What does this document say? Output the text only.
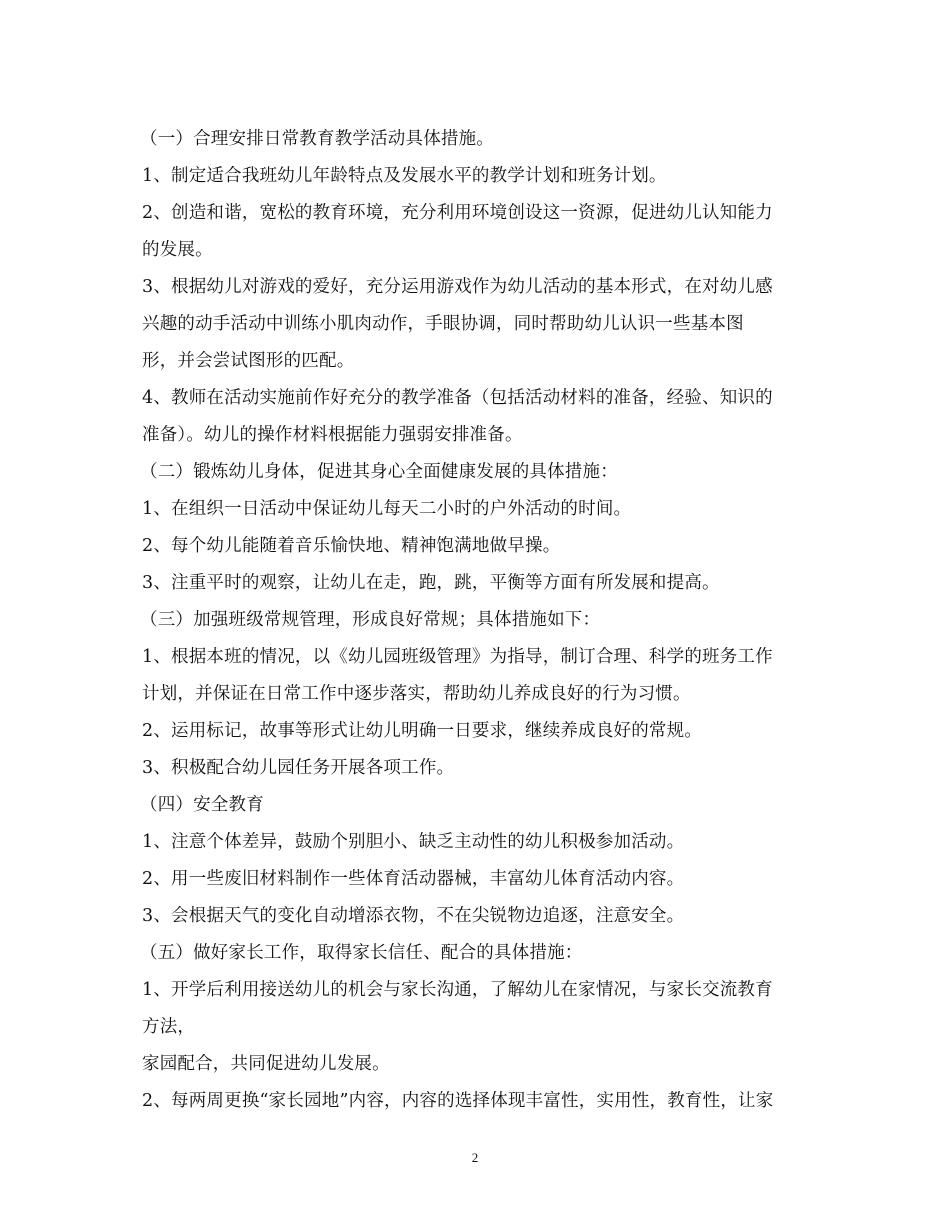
（一）合理安排日常教育教学活动具体措施。
1、制定适合我班幼儿年龄特点及发展水平的教学计划和班务计划。
2、创造和谐，宽松的教育环境，充分利用环境创设这一资源，促进幼儿认知能力
的发展。
3、根据幼儿对游戏的爱好，充分运用游戏作为幼儿活动的基本形式，在对幼儿感
兴趣的动手活动中训练小肌肉动作，手眼协调，同时帮助幼儿认识一些基本图
形，并会尝试图形的匹配。
4、教师在活动实施前作好充分的教学准备（包括活动材料的准备，经验、知识的
准备）。幼儿的操作材料根据能力强弱安排准备。
（二）锻炼幼儿身体，促进其身心全面健康发展的具体措施：
1、在组织一日活动中保证幼儿每天二小时的户外活动的时间。
2、每个幼儿能随着音乐愉快地、精神饱满地做早操。
3、注重平时的观察，让幼儿在走，跑，跳，平衡等方面有所发展和提高。
（三）加强班级常规管理，形成良好常规；具体措施如下：
1、根据本班的情况，以《幼儿园班级管理》为指导，制订合理、科学的班务工作
计划，并保证在日常工作中逐步落实，帮助幼儿养成良好的行为习惯。
2、运用标记，故事等形式让幼儿明确一日要求，继续养成良好的常规。
3、积极配合幼儿园任务开展各项工作。
（四）安全教育
1、注意个体差异，鼓励个别胆小、缺乏主动性的幼儿积极参加活动。
2、用一些废旧材料制作一些体育活动器械，丰富幼儿体育活动内容。
3、会根据天气的变化自动增添衣物，不在尖锐物边追逐，注意安全。
（五）做好家长工作，取得家长信任、配合的具体措施：
1、开学后利用接送幼儿的机会与家长沟通，了解幼儿在家情况，与家长交流教育
方法，
家园配合，共同促进幼儿发展。
2、每两周更换“家长园地”内容，内容的选择体现丰富性，实用性，教育性，让家
2
